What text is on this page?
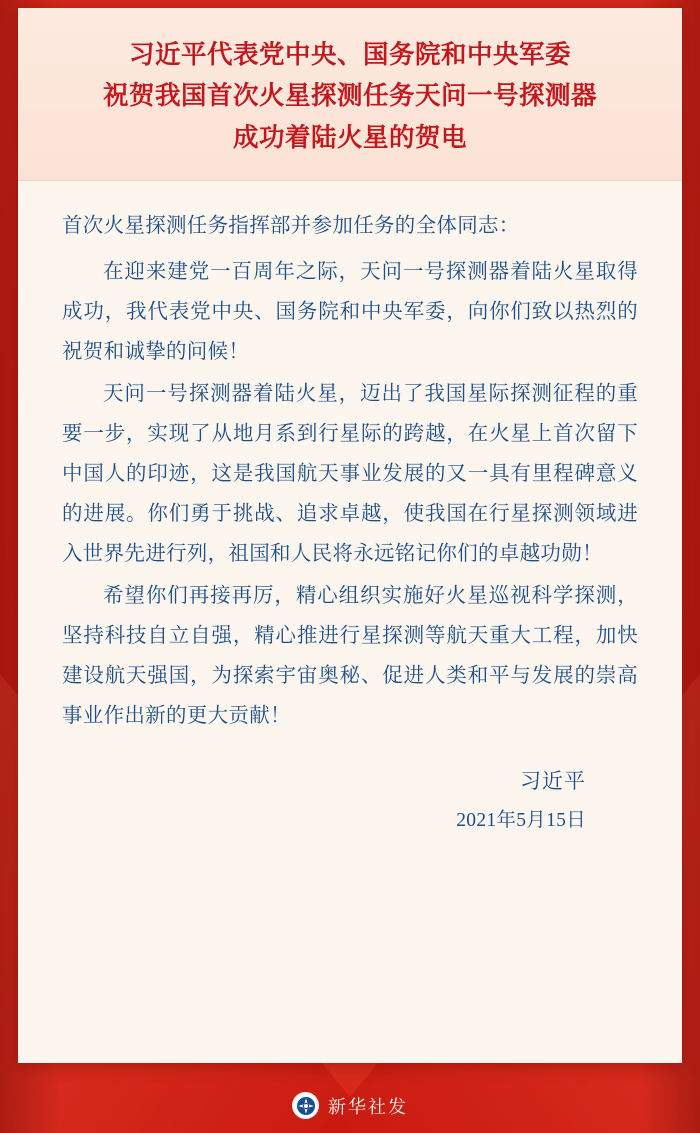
习近平代表党中央、国务院和中央军委
祝贺我国首次火星探测任务天问一号探测器
成功着陆火星的贺电
首次火星探测任务指挥部并参加任务的全体同志：

在迎来建党一百周年之际，天问一号探测器着陆火星取得成功，我代表党中央、国务院和中央军委，向你们致以热烈的祝贺和诚挚的问候！

天问一号探测器着陆火星，迈出了我国星际探测征程的重要一步，实现了从地月系到行星际的跨越，在火星上首次留下中国人的印迹，这是我国航天事业发展的又一具有里程碑意义的进展。你们勇于挑战、追求卓越，使我国在行星探测领域进入世界先进行列，祖国和人民将永远铭记你们的卓越功勋！

希望你们再接再厉，精心组织实施好火星巡视科学探测，坚持科技自立自强，精心推进行星探测等航天重大工程，加快建设航天强国，为探索宇宙奥秘、促进人类和平与发展的崇高事业作出新的更大贡献！

习近平
2021年5月15日
新华社发
